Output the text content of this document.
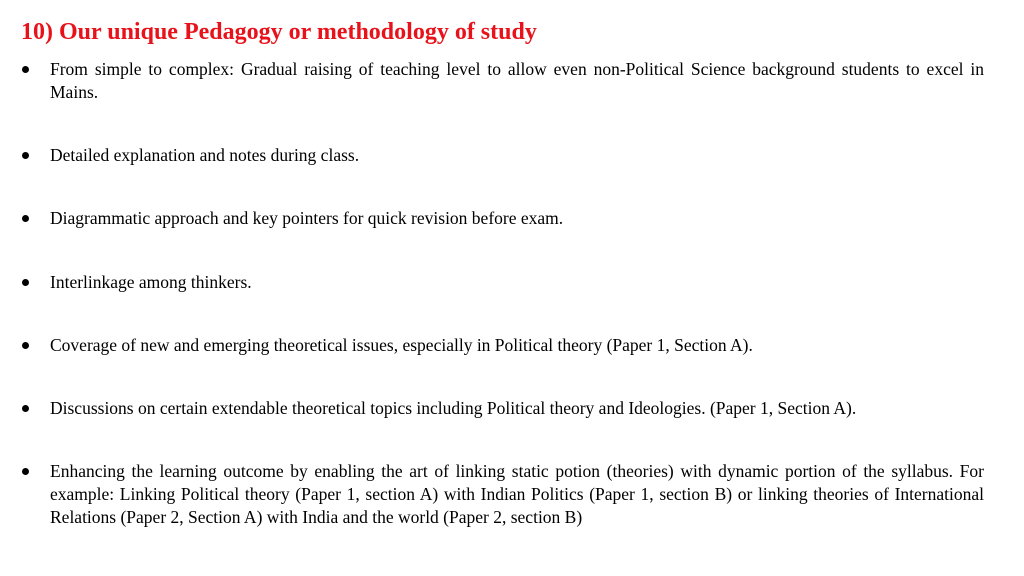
10) Our unique Pedagogy or methodology of study
From simple to complex: Gradual raising of teaching level to allow even non-Political Science background students to excel in Mains.
Detailed explanation and notes during class.
Diagrammatic approach and key pointers for quick revision before exam.
Interlinkage among thinkers.
Coverage of new and emerging theoretical issues, especially in Political theory (Paper 1, Section A).
Discussions on certain extendable theoretical topics including Political theory and Ideologies. (Paper 1, Section A).
Enhancing the learning outcome by enabling the art of linking static potion (theories) with dynamic portion of the syllabus. For example: Linking Political theory (Paper 1, section A) with Indian Politics (Paper 1, section B) or linking theories of International Relations (Paper 2, Section A) with India and the world (Paper 2, section B)
